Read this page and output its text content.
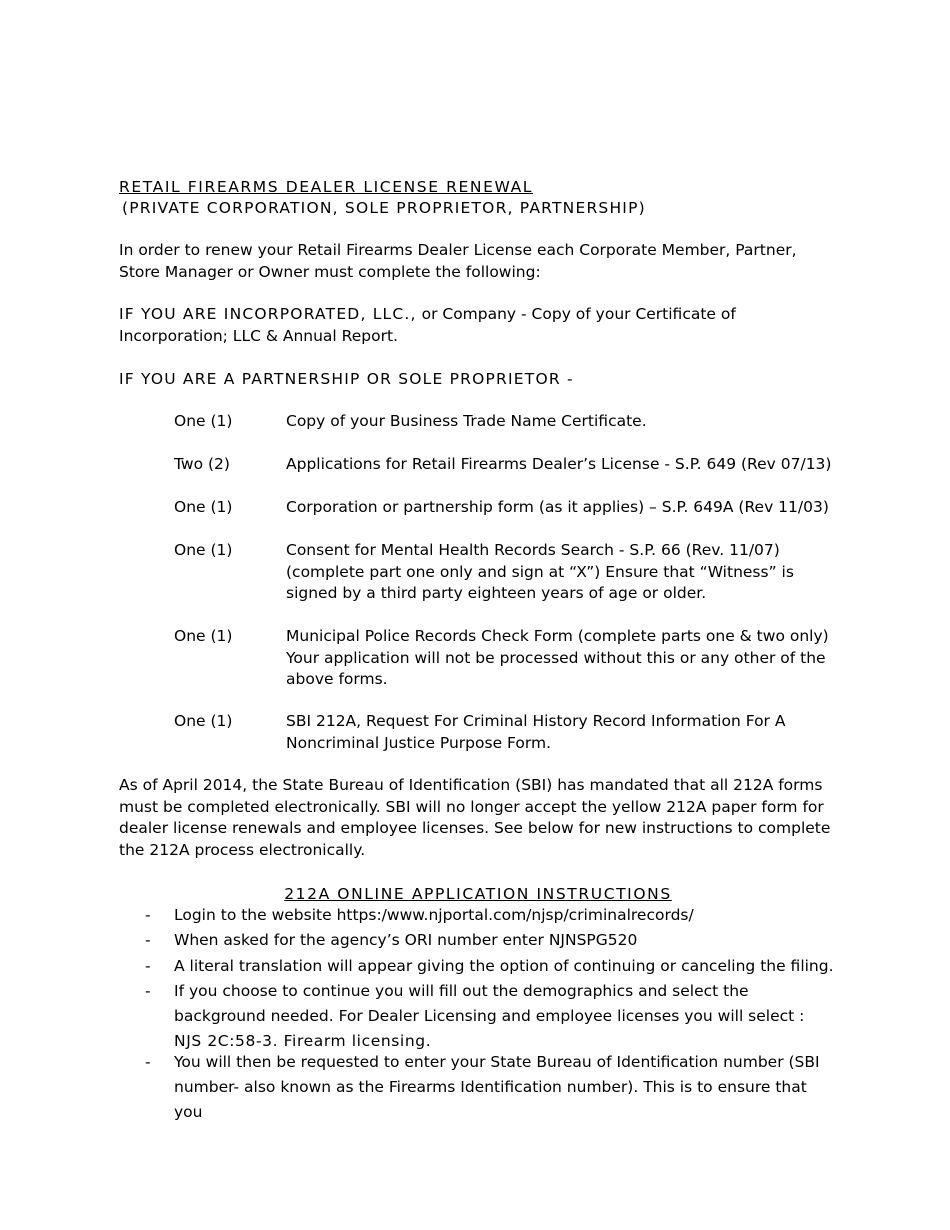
RETAIL FIREARMS DEALER LICENSE RENEWAL
(PRIVATE CORPORATION, SOLE PROPRIETOR, PARTNERSHIP)
In order to renew your Retail Firearms Dealer License each Corporate Member, Partner, Store Manager or Owner must complete the following:
IF YOU ARE INCORPORATED, LLC., or Company - Copy of your Certificate of Incorporation; LLC & Annual Report.
IF YOU ARE A PARTNERSHIP OR SOLE PROPRIETOR -
One (1)	Copy of your Business Trade Name Certificate.
Two (2)	Applications for Retail Firearms Dealer’s License - S.P. 649 (Rev 07/13)
One (1)	Corporation or partnership form (as it applies) – S.P. 649A (Rev 11/03)
One (1)	Consent for Mental Health Records Search - S.P. 66 (Rev. 11/07) (complete part one only and sign at “X”) Ensure that “Witness” is signed by a third party eighteen years of age or older.
One (1)	Municipal Police Records Check Form (complete parts one & two only) Your application will not be processed without this or any other of the above forms.
One (1)	SBI 212A, Request For Criminal History Record Information For A Noncriminal Justice Purpose Form.
As of April 2014, the State Bureau of Identification (SBI) has mandated that all 212A forms must be completed electronically. SBI will no longer accept the yellow 212A paper form for dealer license renewals and employee licenses. See below for new instructions to complete the 212A process electronically.
212A ONLINE APPLICATION INSTRUCTIONS
- Login to the website https:/www.njportal.com/njsp/criminalrecords/
- When asked for the agency’s ORI number enter NJNSPG520
- A literal translation will appear giving the option of continuing or canceling the filing.
- If you choose to continue you will fill out the demographics and select the background needed. For Dealer Licensing and employee licenses you will select :
NJS 2C:58-3. Firearm licensing.
- You will then be requested to enter your State Bureau of Identification number (SBI number- also known as the Firearms Identification number). This is to ensure that you
